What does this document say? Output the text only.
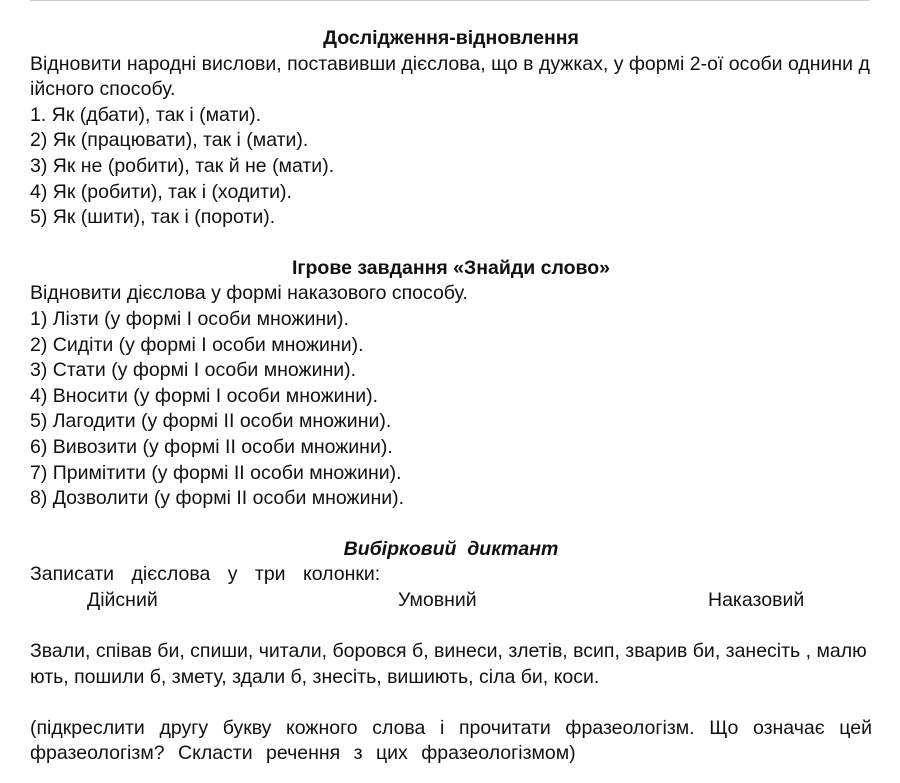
Дослідження-відновлення
Відновити народні вислови, поставивши дієслова, що в дужках, у формі 2-ої особи однини дійсного способу.
1. Як (дбати), так і (мати).
2) Як (працювати), так і (мати).
3) Як не (робити), так й не (мати).
4) Як (робити), так і (ходити).
5) Як (шити), так і (пороти).
Ігрове завдання «Знайди слово»
Відновити дієслова у формі наказового способу.
1) Лізти (у формі І особи множини).
2) Сидіти (у формі І особи множини).
3) Стати (у формі І особи множини).
4) Вносити (у формі І особи множини).
5) Лагодити (у формі ІІ особи множини).
6) Вивозити (у формі ІІ особи множини).
7) Примітити (у формі ІІ особи множини).
8) Дозволити (у формі ІІ особи множини).
Вибірковий  диктант
Записати дієслова у три колонки:
Дійсний	Умовний	Наказовий
Звали, співав би, спиши, читали, боровся б, винеси, злетів, всип, зварив би, занесіть , малюють, пошили б, змету, здали б, знесіть, вишиють, сіла би, коси.
(підкреслити другу букву кожного слова і прочитати фразеологізм. Що означає цей фразеологізм? Скласти речення з цих фразеологізмом)
